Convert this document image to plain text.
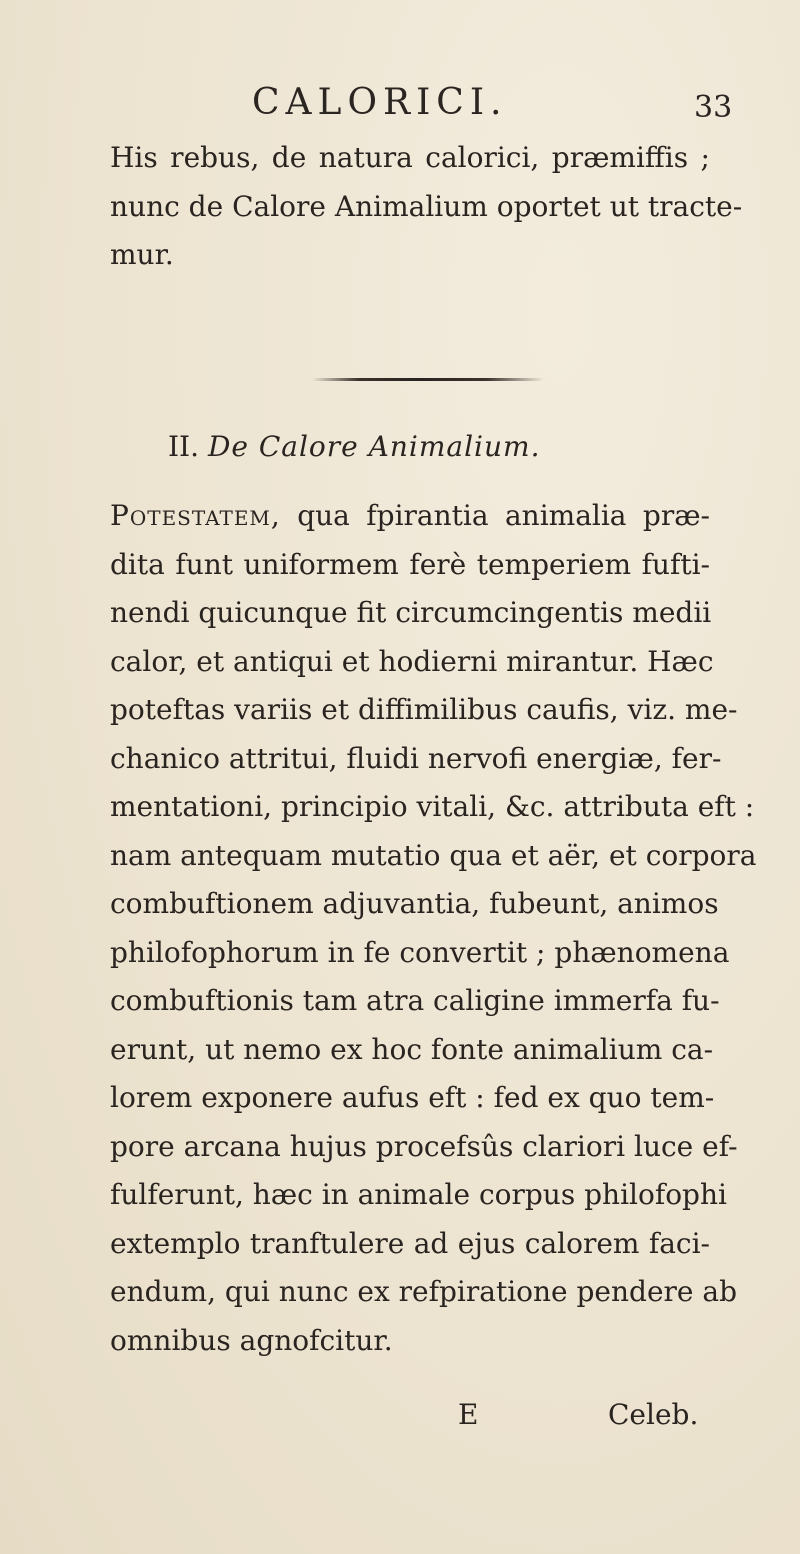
CALORICI.	33
His rebus, de natura calorici, præmiffis ;
nunc de Calore Animalium oportet ut tracte-
mur.
II. De Calore Animalium.
Potestatem, qua fpirantia animalia præ-
dita funt uniformem ferè temperiem fufti-
nendi quicunque fit circumcingentis medii
calor, et antiqui et hodierni mirantur. Hæc
poteftas variis et diffimilibus caufis, viz. me-
chanico attritui, fluidi nervofi energiæ, fer-
mentationi, principio vitali, &c. attributa eft :
nam antequam mutatio qua et aër, et corpora
combuftionem adjuvantia, fubeunt, animos
philofophorum in fe convertit ; phænomena
combuftionis tam atra caligine immerfa fu-
erunt, ut nemo ex hoc fonte animalium ca-
lorem exponere aufus eft : fed ex quo tem-
pore arcana hujus procefsûs clariori luce ef-
fulferunt, hæc in animale corpus philofophi
extemplo tranftulere ad ejus calorem faci-
endum, qui nunc ex refpiratione pendere ab
omnibus agnofcitur.
E	Celeb.
